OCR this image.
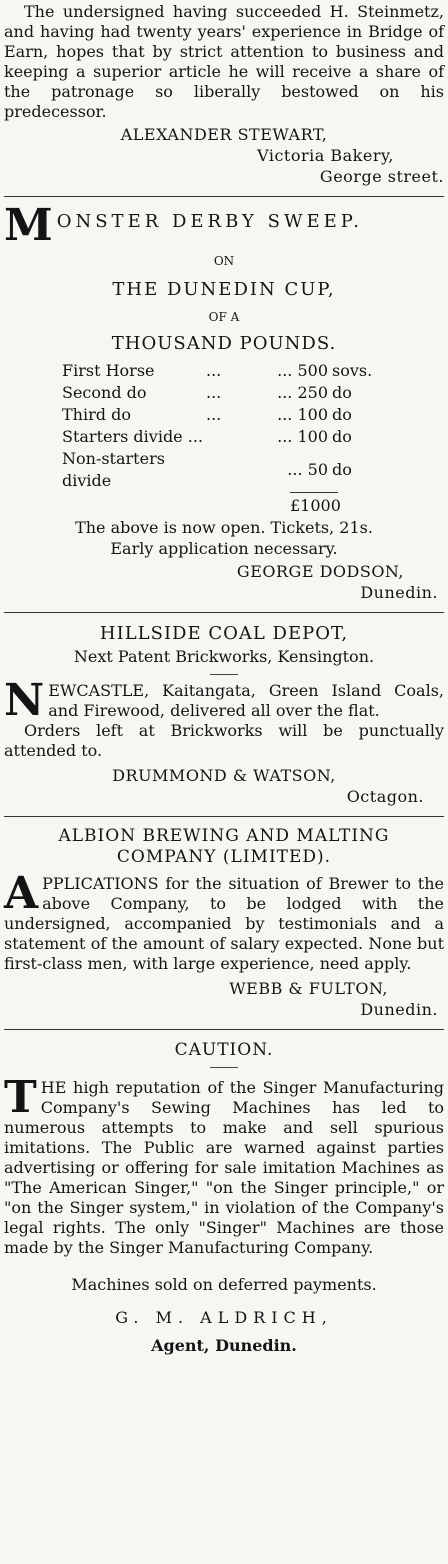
The undersigned having succeeded H. Steinmetz, and having had twenty years' experience in Bridge of Earn, hopes that by strict attention to business and keeping a superior article he will receive a share of the patronage so liberally bestowed on his predecessor.

ALEXANDER STEWART,

Victoria Bakery,

George street.

M ONSTER DERBY SWEEP.

ON

THE DUNEDIN CUP,

OF A

THOUSAND POUNDS.

First Horse	...	... 500	sovs.
Second do	...	... 250	do
Third do	...	... 100	do
Starters divide ...		... 100	do
Non-starters divide		... 50	do
£1000

The above is now open. Tickets, 21s.

Early application necessary.

GEORGE DODSON,

Dunedin.

HILLSIDE COAL DEPOT,

Next Patent Brickworks, Kensington.

N EWCASTLE, Kaitangata, Green Island Coals, and Firewood, delivered all over the flat.

Orders left at Brickworks will be punctually attended to.

DRUMMOND & WATSON,

Octagon.

ALBION BREWING AND MALTING

COMPANY (LIMITED).

A PPLICATIONS for the situation of Brewer to the above Company, to be lodged with the undersigned, accompanied by testimonials and a statement of the amount of salary expected. None but first-class men, with large experience, need apply.

WEBB & FULTON,

Dunedin.

CAUTION.

T HE high reputation of the Singer Manufacturing Company's Sewing Machines has led to numerous attempts to make and sell spurious imitations. The Public are warned against parties advertising or offering for sale imitation Machines as "The American Singer," "on the Singer principle," or "on the Singer system," in violation of the Company's legal rights. The only "Singer" Machines are those made by the Singer Manufacturing Company.

Machines sold on deferred payments.

G. M. ALDRICH,

Agent, Dunedin.
